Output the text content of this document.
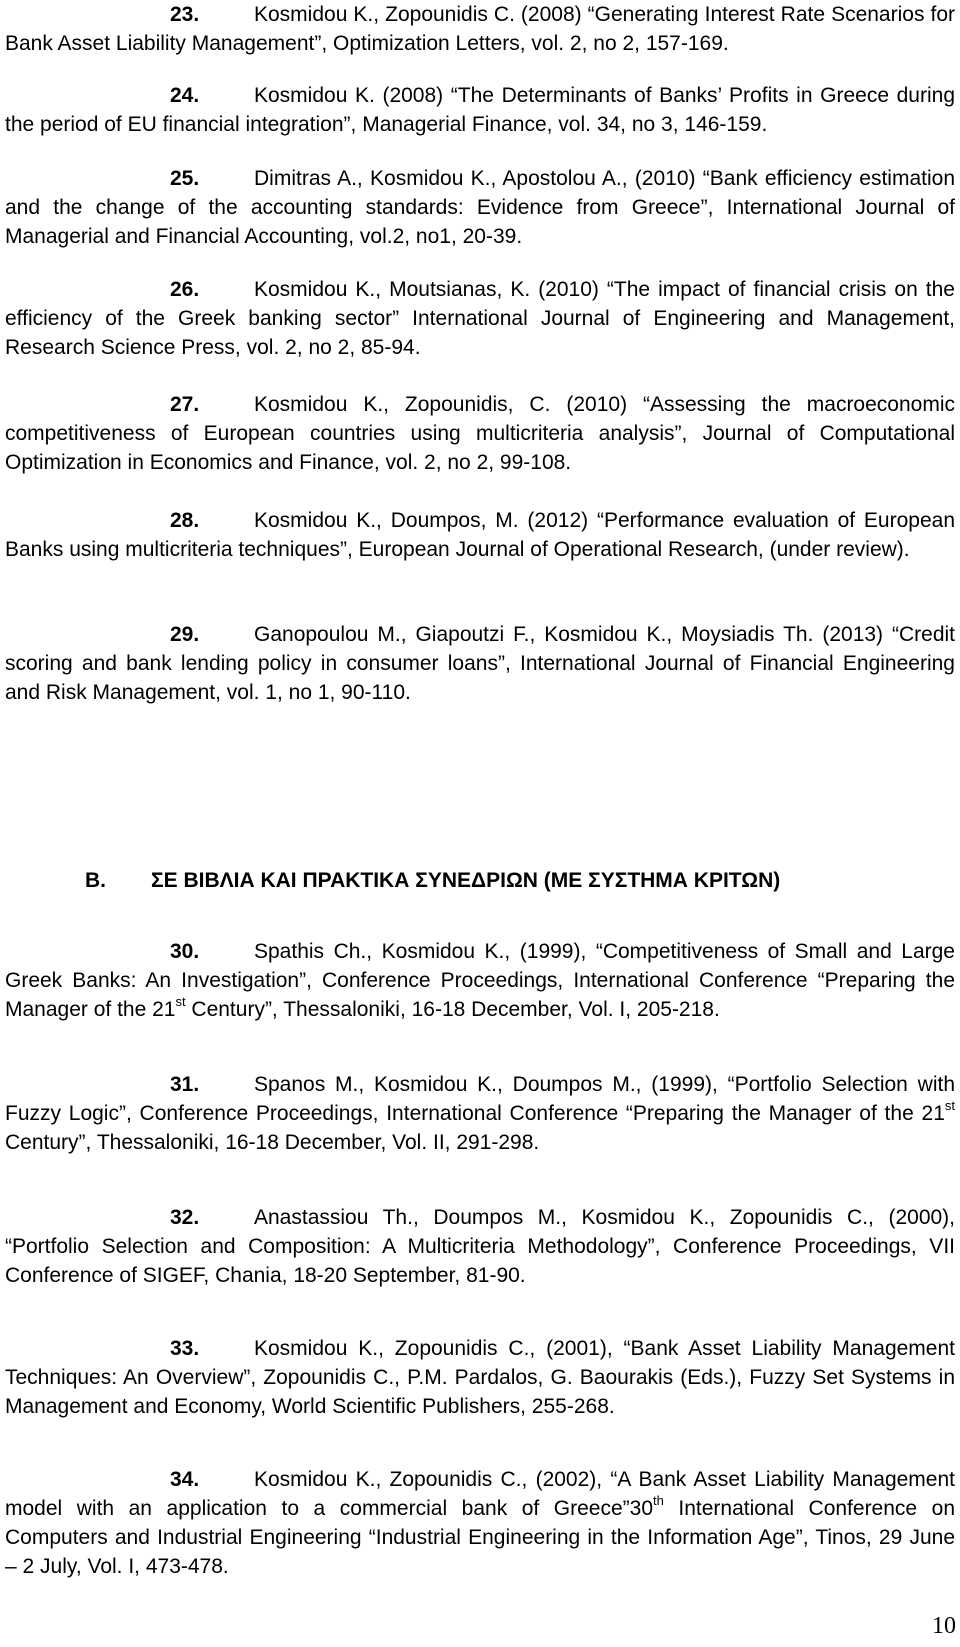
23.	Kosmidou K., Zopounidis C. (2008) “Generating Interest Rate Scenarios for Bank Asset Liability Management”, Optimization Letters, vol. 2, no 2, 157-169.

24.	Kosmidou K. (2008) “The Determinants of Banks’ Profits in Greece during the period of EU financial integration”, Managerial Finance, vol. 34, no 3, 146-159.

25.	Dimitras A., Kosmidou K., Apostolou A., (2010) “Bank efficiency estimation and the change of the accounting standards: Evidence from Greece”, International Journal of Managerial and Financial Accounting, vol.2, no1, 20-39.

26.	Kosmidou K., Moutsianas, K. (2010) “The impact of financial crisis on the efficiency of the Greek banking sector” International Journal of Engineering and Management, Research Science Press, vol. 2, no 2, 85-94.

27.	Kosmidou K., Zopounidis, C. (2010) “Assessing the macroeconomic competitiveness of European countries using multicriteria analysis”, Journal of Computational Optimization in Economics and Finance, vol. 2, no 2, 99-108.

28.	Kosmidou K., Doumpos, M. (2012) “Performance evaluation of European Banks using multicriteria techniques”, European Journal of Operational Research, (under review).

29.	Ganopoulou M., Giapoutzi F., Kosmidou K., Moysiadis Th. (2013) “Credit scoring and bank lending policy in consumer loans”, International Journal of Financial Engineering and Risk Management, vol. 1, no 1, 90-110.

B. ΣΕ ΒΙΒΛΙΑ ΚΑΙ ΠΡΑΚΤΙΚΑ ΣΥΝΕΔΡΙΩΝ (ΜΕ ΣΥΣΤΗΜΑ ΚΡΙΤΩΝ)

30.	Spathis Ch., Kosmidou K., (1999), “Competitiveness of Small and Large Greek Banks: An Investigation”, Conference Proceedings, International Conference “Preparing the Manager of the 21st Century”, Thessaloniki, 16-18 December, Vol. I, 205-218.

31.	Spanos M., Kosmidou K., Doumpos M., (1999), “Portfolio Selection with Fuzzy Logic”, Conference Proceedings, International Conference “Preparing the Manager of the 21st Century”, Thessaloniki, 16-18 December, Vol. II, 291-298.

32.	Anastassiou Th., Doumpos M., Kosmidou K., Zopounidis C., (2000), “Portfolio Selection and Composition: A Multicriteria Methodology”, Conference Proceedings, VII Conference of SIGEF, Chania, 18-20 September, 81-90.

33.	Kosmidou K., Zopounidis C., (2001), “Bank Asset Liability Management Techniques: An Overview”, Zopounidis C., P.M. Pardalos, G. Baourakis (Eds.), Fuzzy Set Systems in Management and Economy, World Scientific Publishers, 255-268.

34.	Kosmidou K., Zopounidis C., (2002), “A Bank Asset Liability Management model with an application to a commercial bank of Greece”30th International Conference on Computers and Industrial Engineering “Industrial Engineering in the Information Age”, Tinos, 29 June – 2 July, Vol. I, 473-478.

10
